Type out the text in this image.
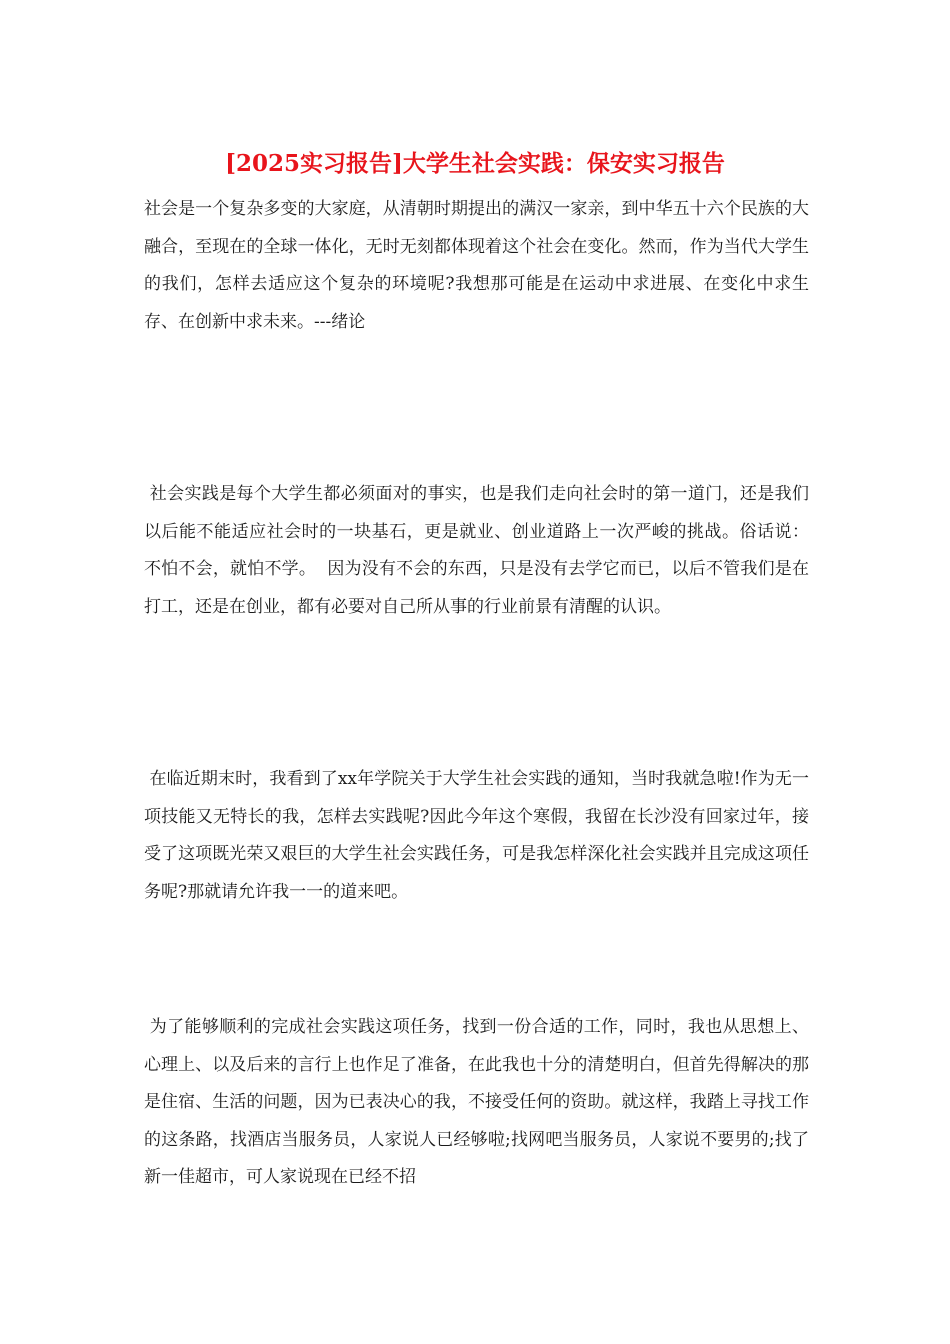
[2025实习报告]大学生社会实践：保安实习报告

社会是一个复杂多变的大家庭，从清朝时期提出的满汉一家亲，到中华五十六个民族的大融合，至现在的全球一体化，无时无刻都体现着这个社会在变化。然而，作为当代大学生的我们，怎样去适应这个复杂的环境呢?我想那可能是在运动中求进展、在变化中求生存、在创新中求未来。---绪论

社会实践是每个大学生都必须面对的事实，也是我们走向社会时的第一道门，还是我们以后能不能适应社会时的一块基石，更是就业、创业道路上一次严峻的挑战。俗话说：  不怕不会，就怕不学。  因为没有不会的东西，只是没有去学它而已，以后不管我们是在打工，还是在创业，都有必要对自己所从事的行业前景有清醒的认识。

在临近期末时，我看到了xx年学院关于大学生社会实践的通知，当时我就急啦!作为无一项技能又无特长的我，怎样去实践呢?因此今年这个寒假，我留在长沙没有回家过年，接受了这项既光荣又艰巨的大学生社会实践任务，可是我怎样深化社会实践并且完成这项任务呢?那就请允许我一一的道来吧。

为了能够顺利的完成社会实践这项任务，找到一份合适的工作，同时，我也从思想上、心理上、以及后来的言行上也作足了准备，在此我也十分的清楚明白，但首先得解决的那是住宿、生活的问题，因为已表决心的我，不接受任何的资助。就这样，我踏上寻找工作的这条路，找酒店当服务员，人家说人已经够啦;找网吧当服务员，人家说不要男的;找了新一佳超市，可人家说现在已经不招
